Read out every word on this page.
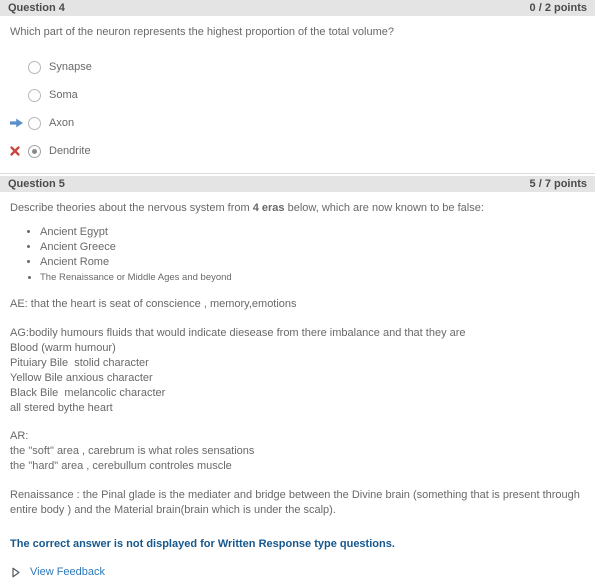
Question 4	0 / 2 points
Which part of the neuron represents the highest proportion of the total volume?
Synapse
Soma
Axon
Dendrite
Question 5	5 / 7 points
Describe theories about the nervous system from 4 eras below, which are now known to be false:
• Ancient Egypt
• Ancient Greece
• Ancient Rome
• The Renaissance or Middle Ages and beyond
AE: that the heart is seat of conscience , memory,emotions
AG:bodily humours fluids that would indicate diesease from there imbalance and that they are
Blood (warm humour)
Pituiary Bile  stolid character
Yellow Bile anxious character
Black Bile  melancolic character
all stered bythe heart
AR:
the "soft" area , carebrum is what roles sensations
the "hard" area , cerebullum controles muscle
Renaissance : the Pinal glade is the mediater and bridge between the Divine brain (something that is present through entire body ) and the Material brain(brain which is under the scalp).
The correct answer is not displayed for Written Response type questions.
View Feedback
